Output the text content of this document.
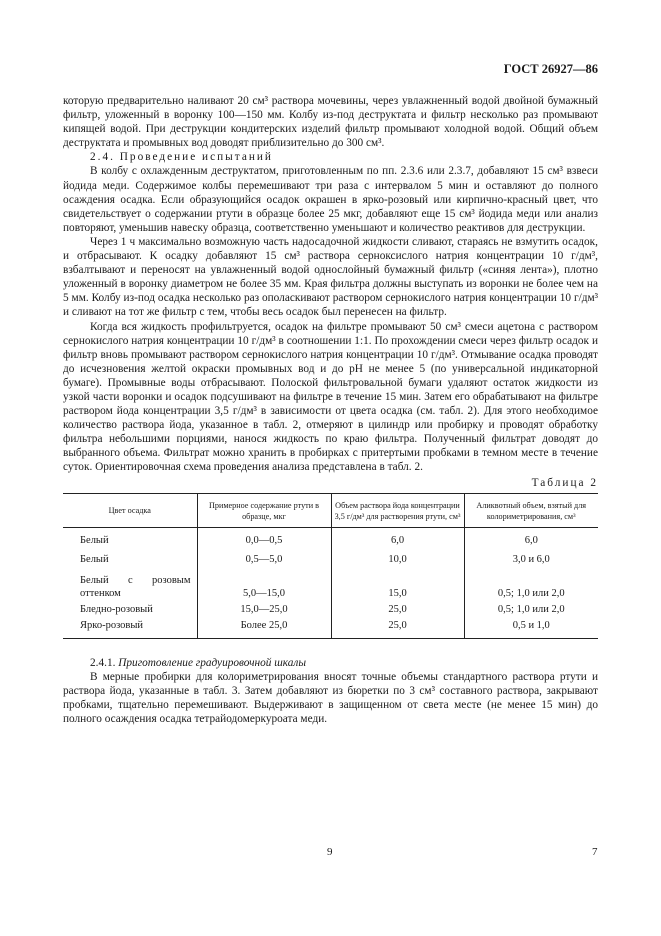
ГОСТ 26927—86

которую предварительно наливают 20 см³ раствора мочевины, через увлажненный водой двойной бумажный фильтр, уложенный в воронку 100—150 мм. Колбу из-под деструктата и фильтр несколько раз промывают кипящей водой. При деструкции кондитерских изделий фильтр промывают холодной водой. Общий объем деструктата и промывных вод доводят приблизительно до 300 см³.

2.4. Проведение испытаний

В колбу с охлажденным деструктатом, приготовленным по пп. 2.3.6 или 2.3.7, добавляют 15 см³ взвеси йодида меди. Содержимое колбы перемешивают три раза с интервалом 5 мин и оставляют до полного осаждения осадка. Если образующийся осадок окрашен в ярко-розовый или кирпично-красный цвет, что свидетельствует о содержании ртути в образце более 25 мкг, добавляют еще 15 см³ йодида меди или анализ повторяют, уменьшив навеску образца, соответственно уменьшают и количество реактивов для деструкции.

Через 1 ч максимально возможную часть надосадочной жидкости сливают, стараясь не взмутить осадок, и отбрасывают. К осадку добавляют 15 см³ раствора серноксислого натрия концентрации 10 г/дм³, взбалтывают и переносят на увлажненный водой однослойный бумажный фильтр («синяя лента»), плотно уложенный в воронку диаметром не более 35 мм. Края фильтра должны выступать из воронки не более чем на 5 мм. Колбу из-под осадка несколько раз ополаскивают раствором сернокислого натрия концентрации 10 г/дм³ и сливают на тот же фильтр с тем, чтобы весь осадок был перенесен на фильтр.

Когда вся жидкость профильтруется, осадок на фильтре промывают 50 см³ смеси ацетона с раствором сернокислого натрия концентрации 10 г/дм³ в соотношении 1:1. По прохождении смеси через фильтр осадок и фильтр вновь промывают раствором сернокислого натрия концентрации 10 г/дм³. Отмывание осадка проводят до исчезновения желтой окраски промывных вод и до pH не менее 5 (по универсальной индикаторной бумаге). Промывные воды отбрасывают. Полоской фильтровальной бумаги удаляют остаток жидкости из узкой части воронки и осадок подсушивают на фильтре в течение 15 мин. Затем его обрабатывают на фильтре раствором йода концентрации 3,5 г/дм³ в зависимости от цвета осадка (см. табл. 2). Для этого необходимое количество раствора йода, указанное в табл. 2, отмеряют в цилиндр или пробирку и проводят обработку фильтра небольшими порциями, нанося жидкость по краю фильтра. Полученный фильтрат доводят до выбранного объема. Фильтрат можно хранить в пробирках с притертыми пробками в темном месте в течение суток. Ориентировочная схема проведения анализа представлена в табл. 2.

Таблица 2
Цвет осадка	Примерное содержание ртути в образце, мкг	Объем раствора йода концентрации 3,5 г/дм³ для растворения ртути, см³	Аликвотный объем, взятый для колориметрирования, см³
Белый	0,0—0,5	6,0	6,0
Белый	0,5—5,0	10,0	3,0 и 6,0
Белый с розовым оттенком	5,0—15,0	15,0	0,5; 1,0 или 2,0
Бледно-розовый	15,0—25,0	25,0	0,5; 1,0 или 2,0
Ярко-розовый	Более 25,0	25,0	0,5 и 1,0

2.4.1. Приготовление градуировочной шкалы

В мерные пробирки для колориметрирования вносят точные объемы стандартного раствора ртути и раствора йода, указанные в табл. 3. Затем добавляют из бюретки по 3 см³ составного раствора, закрывают пробками, тщательно перемешивают. Выдерживают в защищенном от света месте (не менее 15 мин) до полного осаждения осадка тетрайодомеркуроата меди.

9	7
